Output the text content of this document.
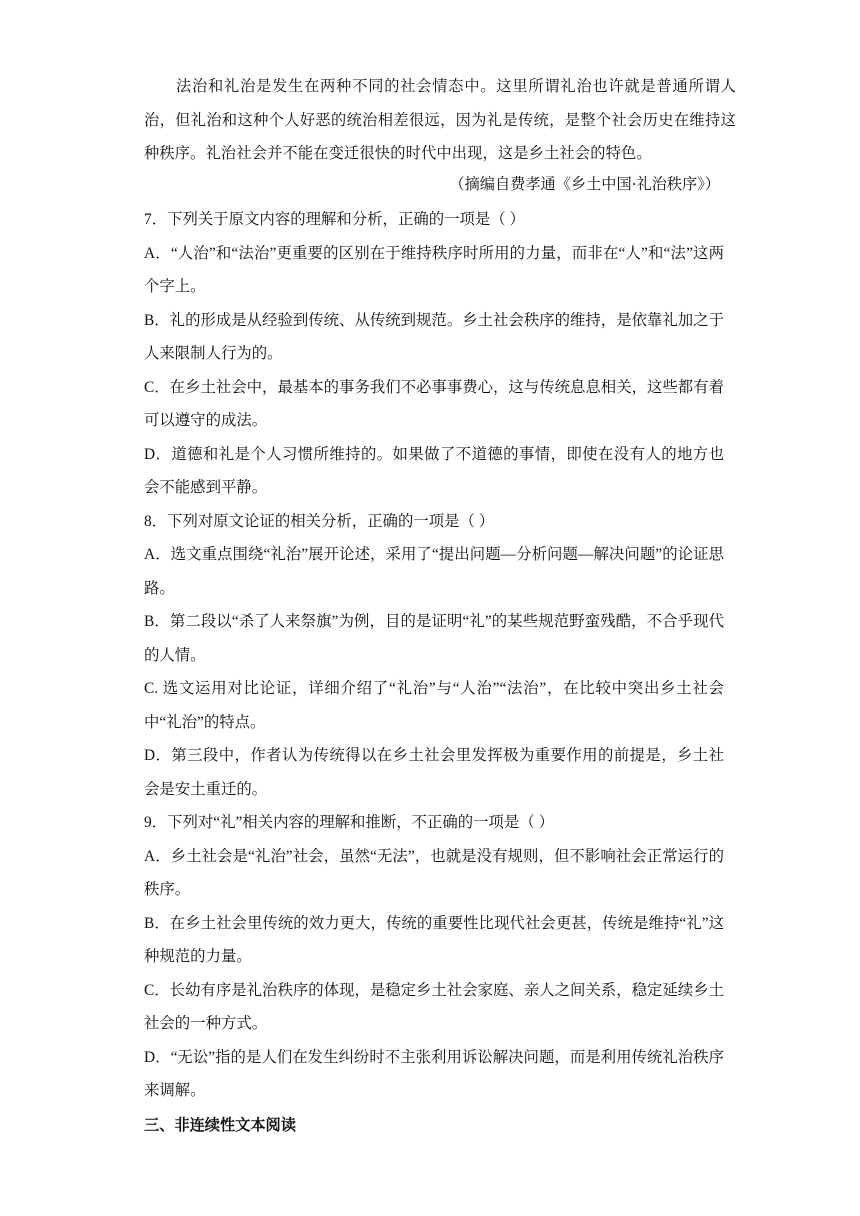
法治和礼治是发生在两种不同的社会情态中。这里所谓礼治也许就是普通所谓人治，但礼治和这种个人好恶的统治相差很远，因为礼是传统，是整个社会历史在维持这种秩序。礼治社会并不能在变迁很快的时代中出现，这是乡土社会的特色。

（摘编自费孝通《乡土中国·礼治秩序》）

7．下列关于原文内容的理解和分析，正确的一项是（ ）

A．“人治”和“法治”更重要的区别在于维持秩序时所用的力量，而非在“人”和“法”这两个字上。

B．礼的形成是从经验到传统、从传统到规范。乡土社会秩序的维持，是依靠礼加之于人来限制人行为的。

C．在乡土社会中，最基本的事务我们不必事事费心，这与传统息息相关，这些都有着可以遵守的成法。

D．道德和礼是个人习惯所维持的。如果做了不道德的事情，即使在没有人的地方也会不能感到平静。

8．下列对原文论证的相关分析，正确的一项是（ ）

A．选文重点围绕“礼治”展开论述，采用了“提出问题—分析问题—解决问题”的论证思路。

B．第二段以“杀了人来祭旗”为例，目的是证明“礼”的某些规范野蛮残酷，不合乎现代的人情。

C. 选文运用对比论证，详细介绍了“礼治”与“人治”“法治”，在比较中突出乡土社会中“礼治”的特点。

D．第三段中，作者认为传统得以在乡土社会里发挥极为重要作用的前提是，乡土社会是安土重迁的。

9．下列对“礼”相关内容的理解和推断，不正确的一项是（ ）

A．乡土社会是“礼治”社会，虽然“无法”，也就是没有规则，但不影响社会正常运行的秩序。

B．在乡土社会里传统的效力更大，传统的重要性比现代社会更甚，传统是维持“礼”这种规范的力量。

C．长幼有序是礼治秩序的体现，是稳定乡土社会家庭、亲人之间关系，稳定延续乡土社会的一种方式。

D．“无讼”指的是人们在发生纠纷时不主张利用诉讼解决问题，而是利用传统礼治秩序来调解。

三、非连续性文本阅读
